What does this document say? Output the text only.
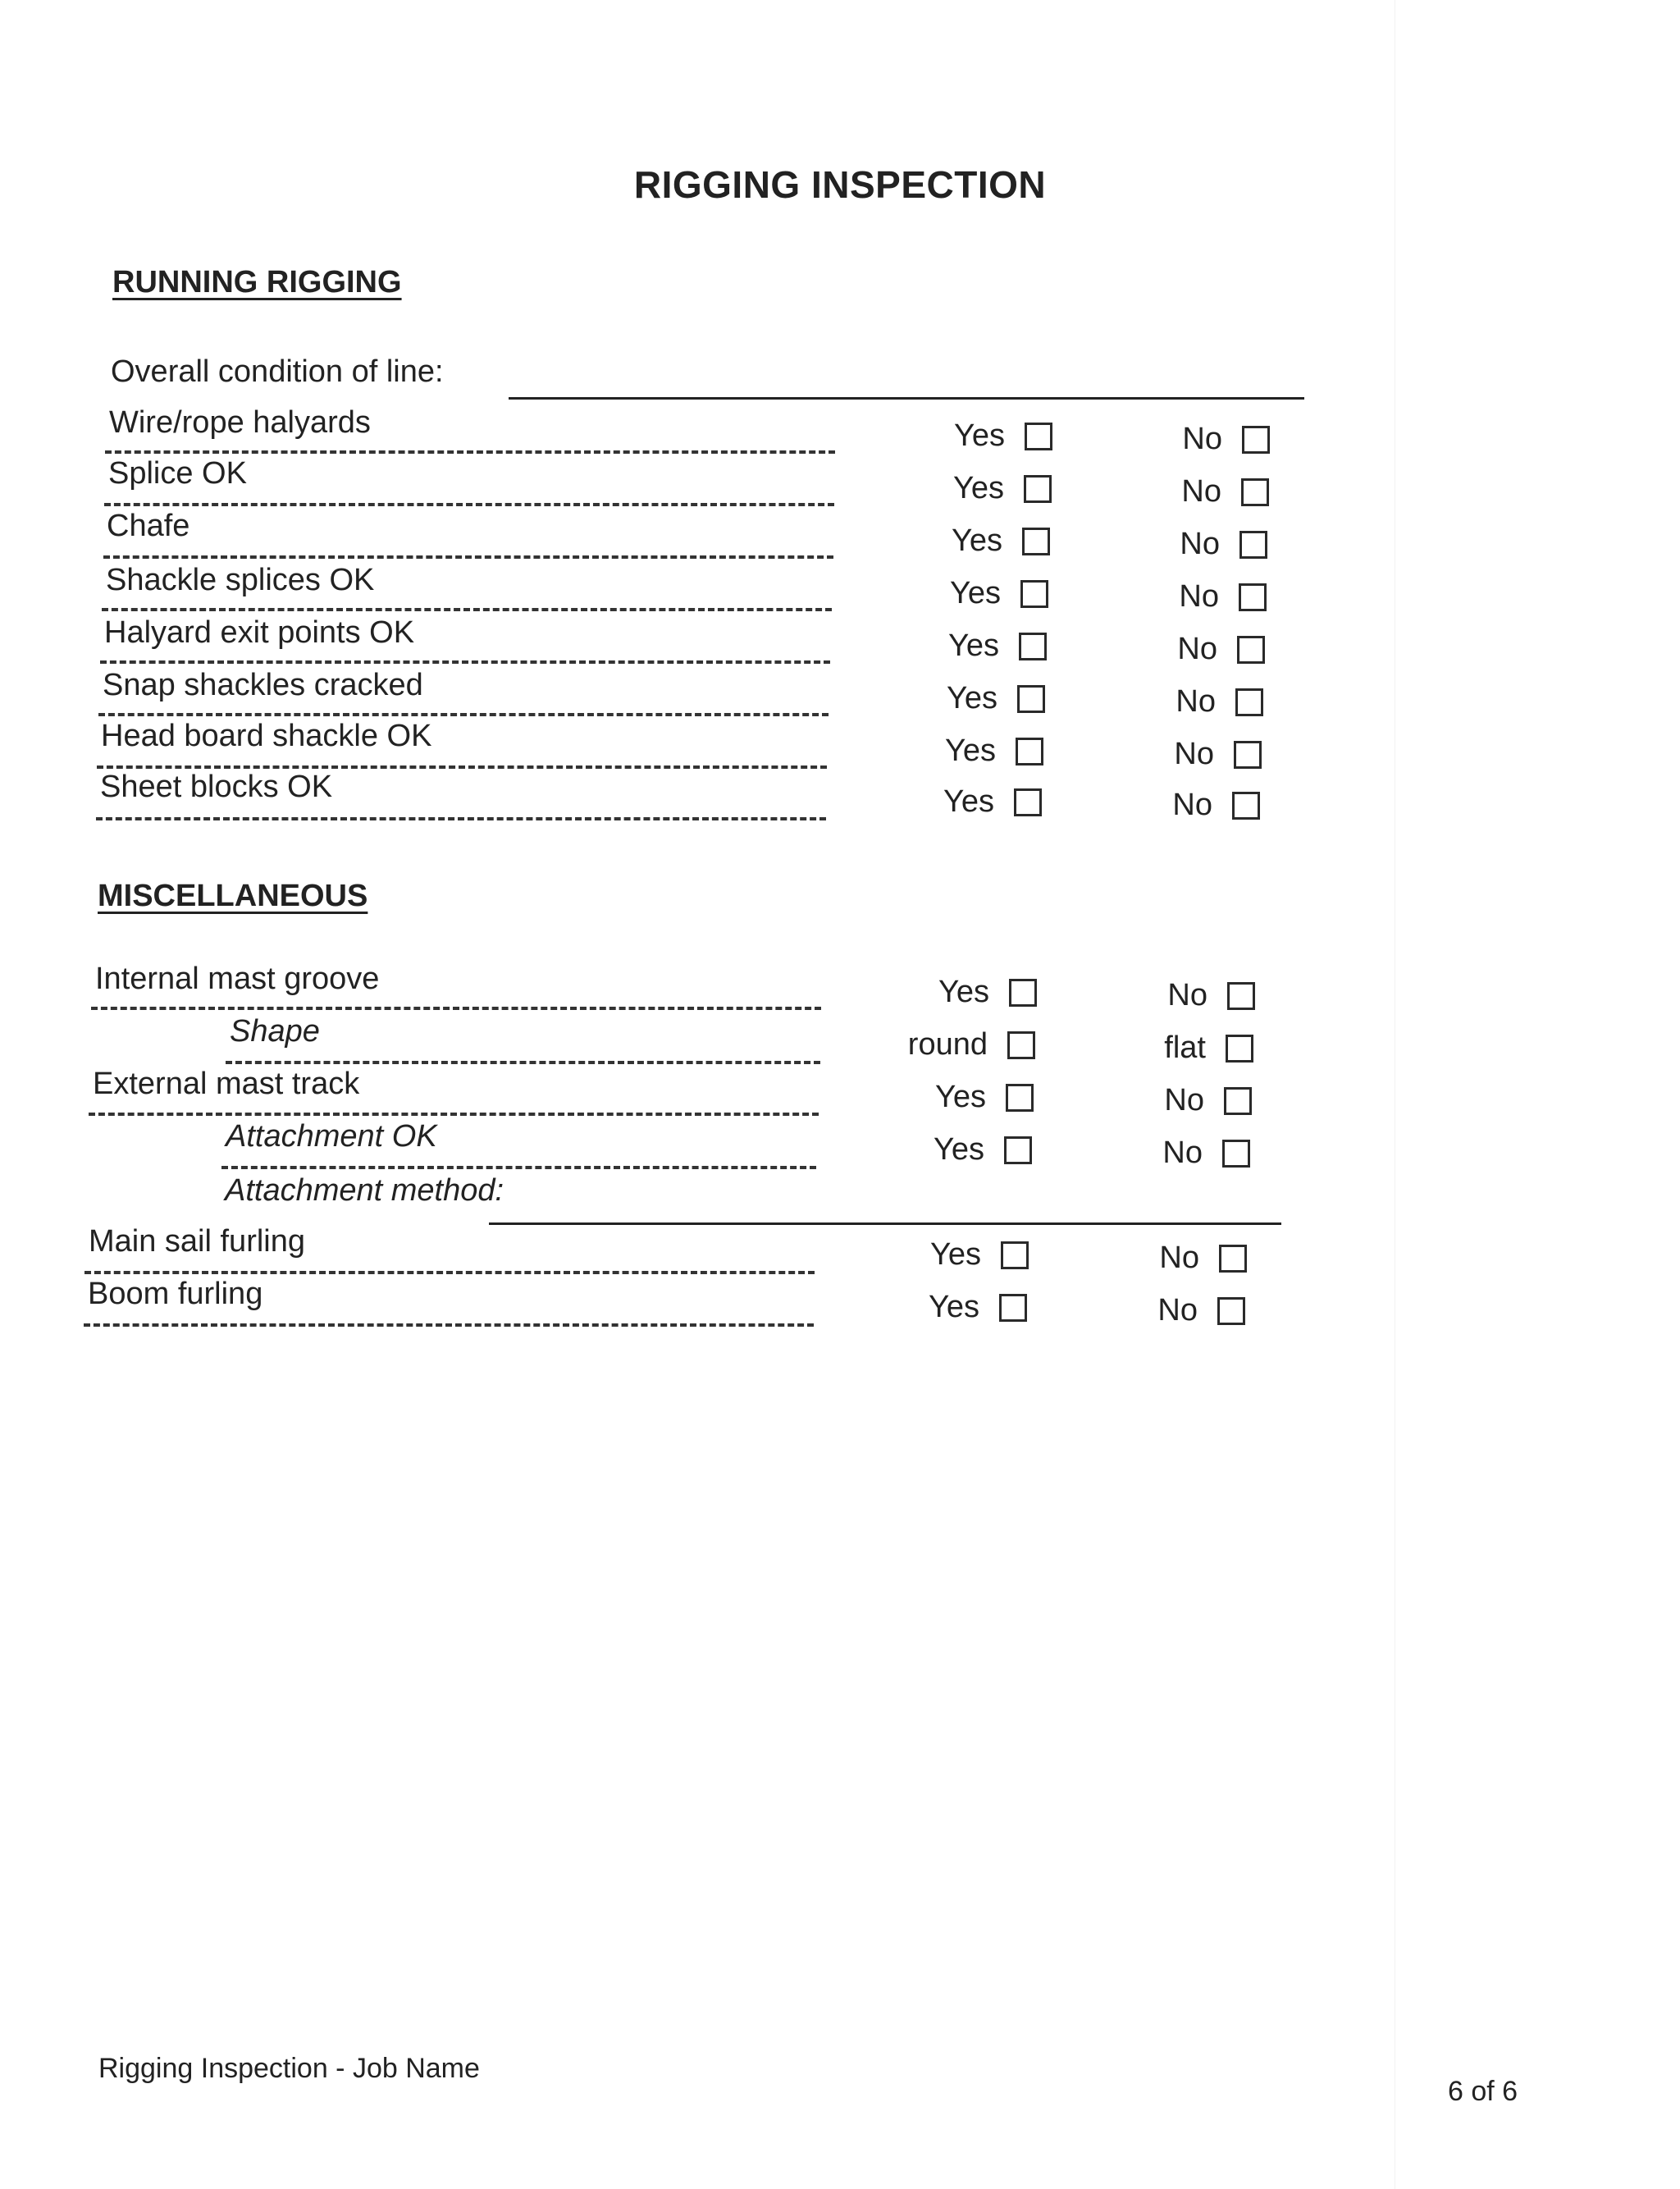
RIGGING INSPECTION
RUNNING RIGGING
Overall condition of line:
Wire/rope halyards	Yes	No
Splice OK	Yes	No
Chafe	Yes	No
Shackle splices OK	Yes	No
Halyard exit points OK	Yes	No
Snap shackles cracked	Yes	No
Head board shackle OK	Yes	No
Sheet blocks OK	Yes	No
MISCELLANEOUS
Internal mast groove	Yes	No
Shape	round	flat
External mast track	Yes	No
Attachment OK	Yes	No
Attachment method:
Main sail furling	Yes	No
Boom furling	Yes	No
Rigging Inspection - Job Name
6 of 6
